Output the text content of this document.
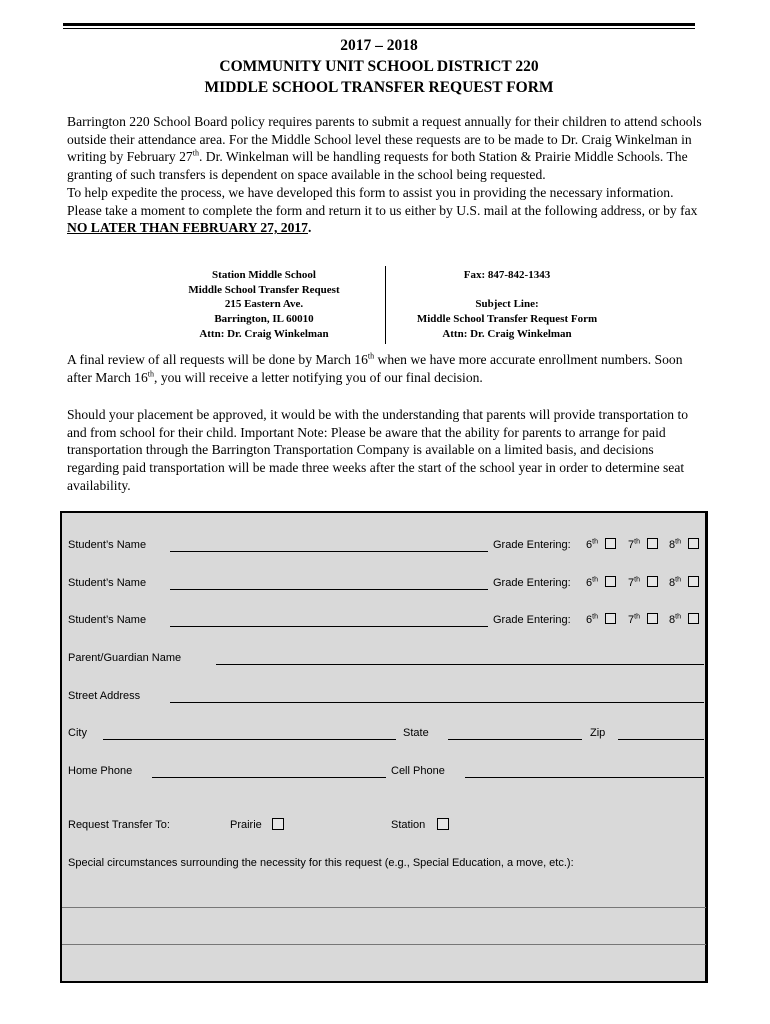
2017 – 2018
COMMUNITY UNIT SCHOOL DISTRICT 220
MIDDLE SCHOOL TRANSFER REQUEST FORM
Barrington 220 School Board policy requires parents to submit a request annually for their children to attend schools outside their attendance area. For the Middle School level these requests are to be made to Dr. Craig Winkelman in writing by February 27th. Dr. Winkelman will be handling requests for both Station & Prairie Middle Schools. The granting of such transfers is dependent on space available in the school being requested.
To help expedite the process, we have developed this form to assist you in providing the necessary information. Please take a moment to complete the form and return it to us either by U.S. mail at the following address, or by fax NO LATER THAN FEBRUARY 27, 2017.
Station Middle School
Middle School Transfer Request
215 Eastern Ave.
Barrington, IL 60010
Attn: Dr. Craig Winkelman
Fax: 847-842-1343
Subject Line:
Middle School Transfer Request Form
Attn: Dr. Craig Winkelman
A final review of all requests will be done by March 16th when we have more accurate enrollment numbers. Soon after March 16th, you will receive a letter notifying you of our final decision.
Should your placement be approved, it would be with the understanding that parents will provide transportation to and from school for their child. Important Note: Please be aware that the ability for parents to arrange for paid transportation through the Barrington Transportation Company is available on a limited basis, and decisions regarding paid transportation will be made three weeks after the start of the school year in order to determine seat availability.
Student’s Name	Grade Entering: 6th	7th	8th
Student’s Name	Grade Entering: 6th	7th	8th
Student’s Name	Grade Entering: 6th	7th	8th
Parent/Guardian Name
Street Address
City	State	Zip
Home Phone	Cell Phone
Request Transfer To:	Prairie	Station
Special circumstances surrounding the necessity for this request (e.g., Special Education, a move, etc.):
